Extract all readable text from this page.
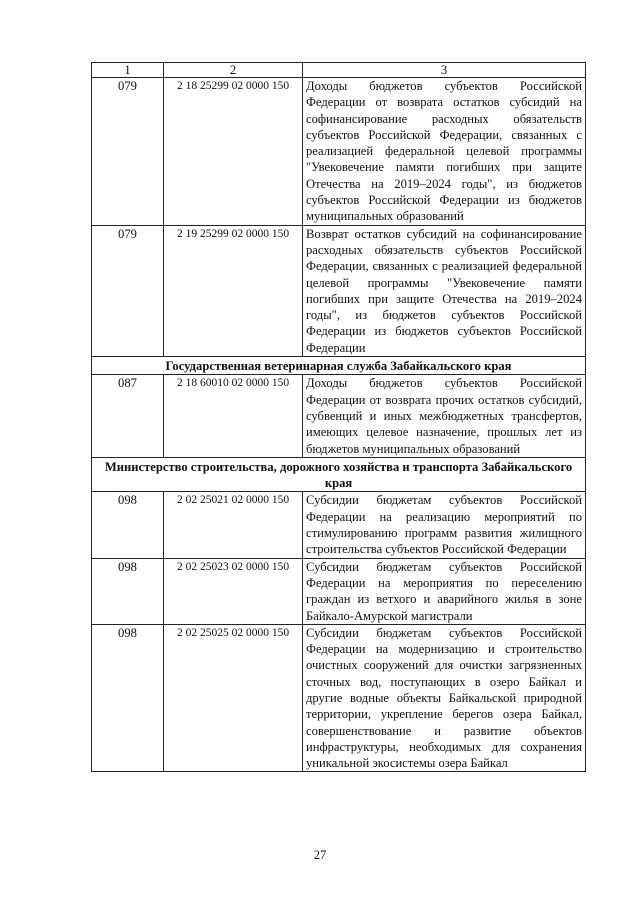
1	2	3
079	2 18 25299 02 0000 150	Доходы бюджетов субъектов Российской Федерации от возврата остатков субсидий на софинансирование расходных обязательств субъектов Российской Федерации, связанных с реализацией федеральной целевой программы "Увековечение памяти погибших при защите Отечества на 2019–2024 годы", из бюджетов субъектов Российской Федерации из бюджетов муниципальных образований
079	2 19 25299 02 0000 150	Возврат остатков субсидий на софинансирование расходных обязательств субъектов Российской Федерации, связанных с реализацией федеральной целевой программы "Увековечение памяти погибших при защите Отечества на 2019–2024 годы", из бюджетов субъектов Российской Федерации из бюджетов субъектов Российской Федерации
Государственная ветеринарная служба Забайкальского края		
087	2 18 60010 02 0000 150	Доходы бюджетов субъектов Российской Федерации от возврата прочих остатков субсидий, субвенций и иных межбюджетных трансфертов, имеющих целевое назначение, прошлых лет из бюджетов муниципальных образований
Министерство строительства, дорожного хозяйства и транспорта Забайкальского края		
098	2 02 25021 02 0000 150	Субсидии бюджетам субъектов Российской Федерации на реализацию мероприятий по стимулированию программ развития жилищного строительства субъектов Российской Федерации
098	2 02 25023 02 0000 150	Субсидии бюджетам субъектов Российской Федерации на мероприятия по переселению граждан из ветхого и аварийного жилья в зоне Байкало-Амурской магистрали
098	2 02 25025 02 0000 150	Субсидии бюджетам субъектов Российской Федерации на модернизацию и строительство очистных сооружений для очистки загрязненных сточных вод, поступающих в озеро Байкал и другие водные объекты Байкальской природной территории, укрепление берегов озера Байкал, совершенствование и развитие объектов инфраструктуры, необходимых для сохранения уникальной экосистемы озера Байкал
27
